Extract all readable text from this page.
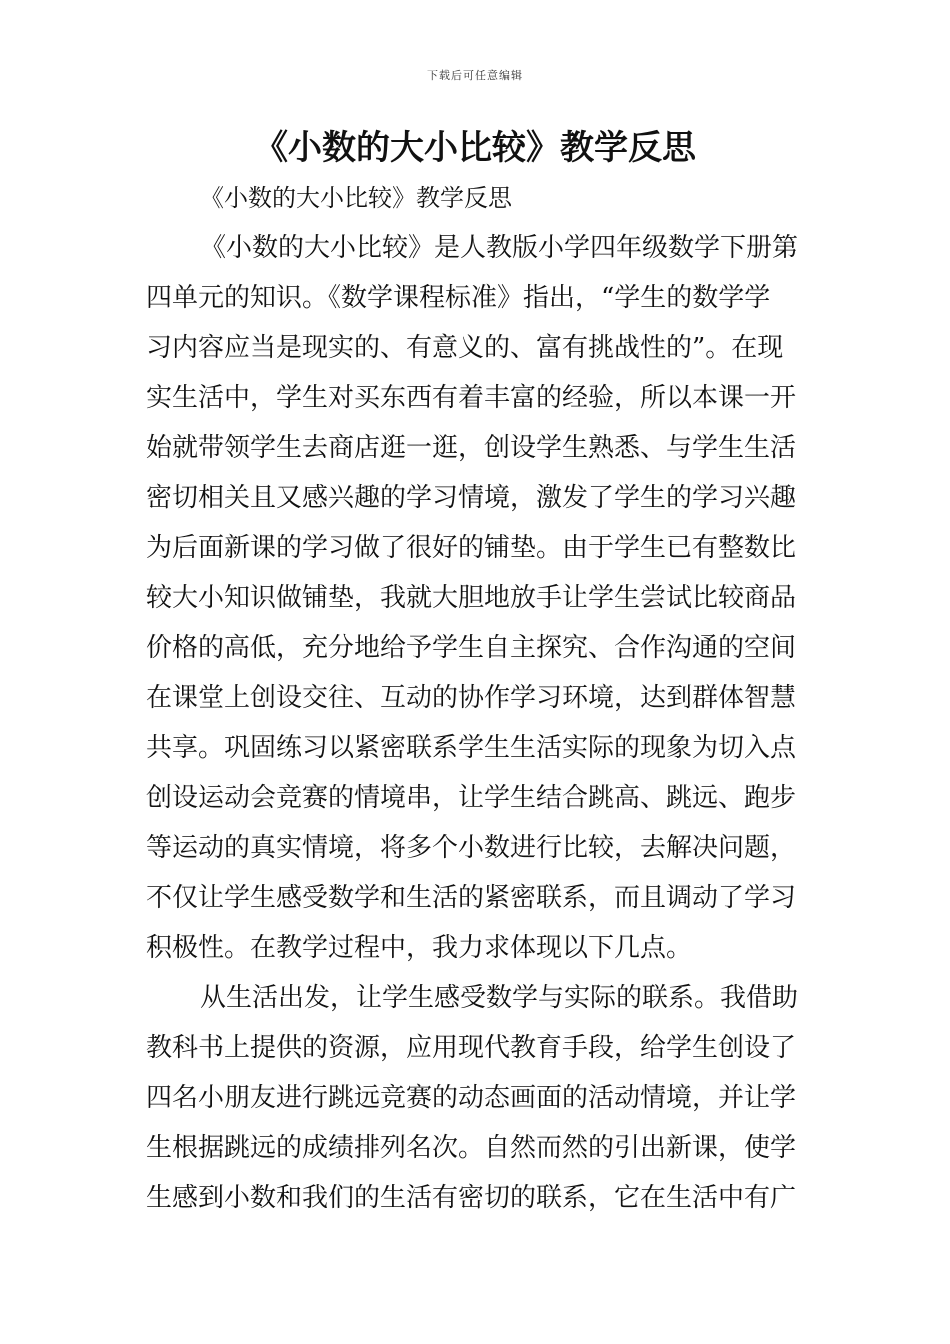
下载后可任意编辑
《小数的大小比较》教学反思
《小数的大小比较》教学反思
《小数的大小比较》是人教版小学四年级数学下册第
四单元的知识。《数学课程标准》指出，“学生的数学学
习内容应当是现实的、有意义的、富有挑战性的”。在现
实生活中，学生对买东西有着丰富的经验，所以本课一开
始就带领学生去商店逛一逛，创设学生熟悉、与学生生活
密切相关且又感兴趣的学习情境，激发了学生的学习兴趣
为后面新课的学习做了很好的铺垫。由于学生已有整数比
较大小知识做铺垫，我就大胆地放手让学生尝试比较商品
价格的高低，充分地给予学生自主探究、合作沟通的空间
在课堂上创设交往、互动的协作学习环境，达到群体智慧
共享。巩固练习以紧密联系学生生活实际的现象为切入点
创设运动会竞赛的情境串，让学生结合跳高、跳远、跑步
等运动的真实情境，将多个小数进行比较，去解决问题，
不仅让学生感受数学和生活的紧密联系，而且调动了学习
积极性。在教学过程中，我力求体现以下几点。
从生活出发，让学生感受数学与实际的联系。我借助
教科书上提供的资源，应用现代教育手段，给学生创设了
四名小朋友进行跳远竞赛的动态画面的活动情境，并让学
生根据跳远的成绩排列名次。自然而然的引出新课，使学
生感到小数和我们的生活有密切的联系，它在生活中有广
